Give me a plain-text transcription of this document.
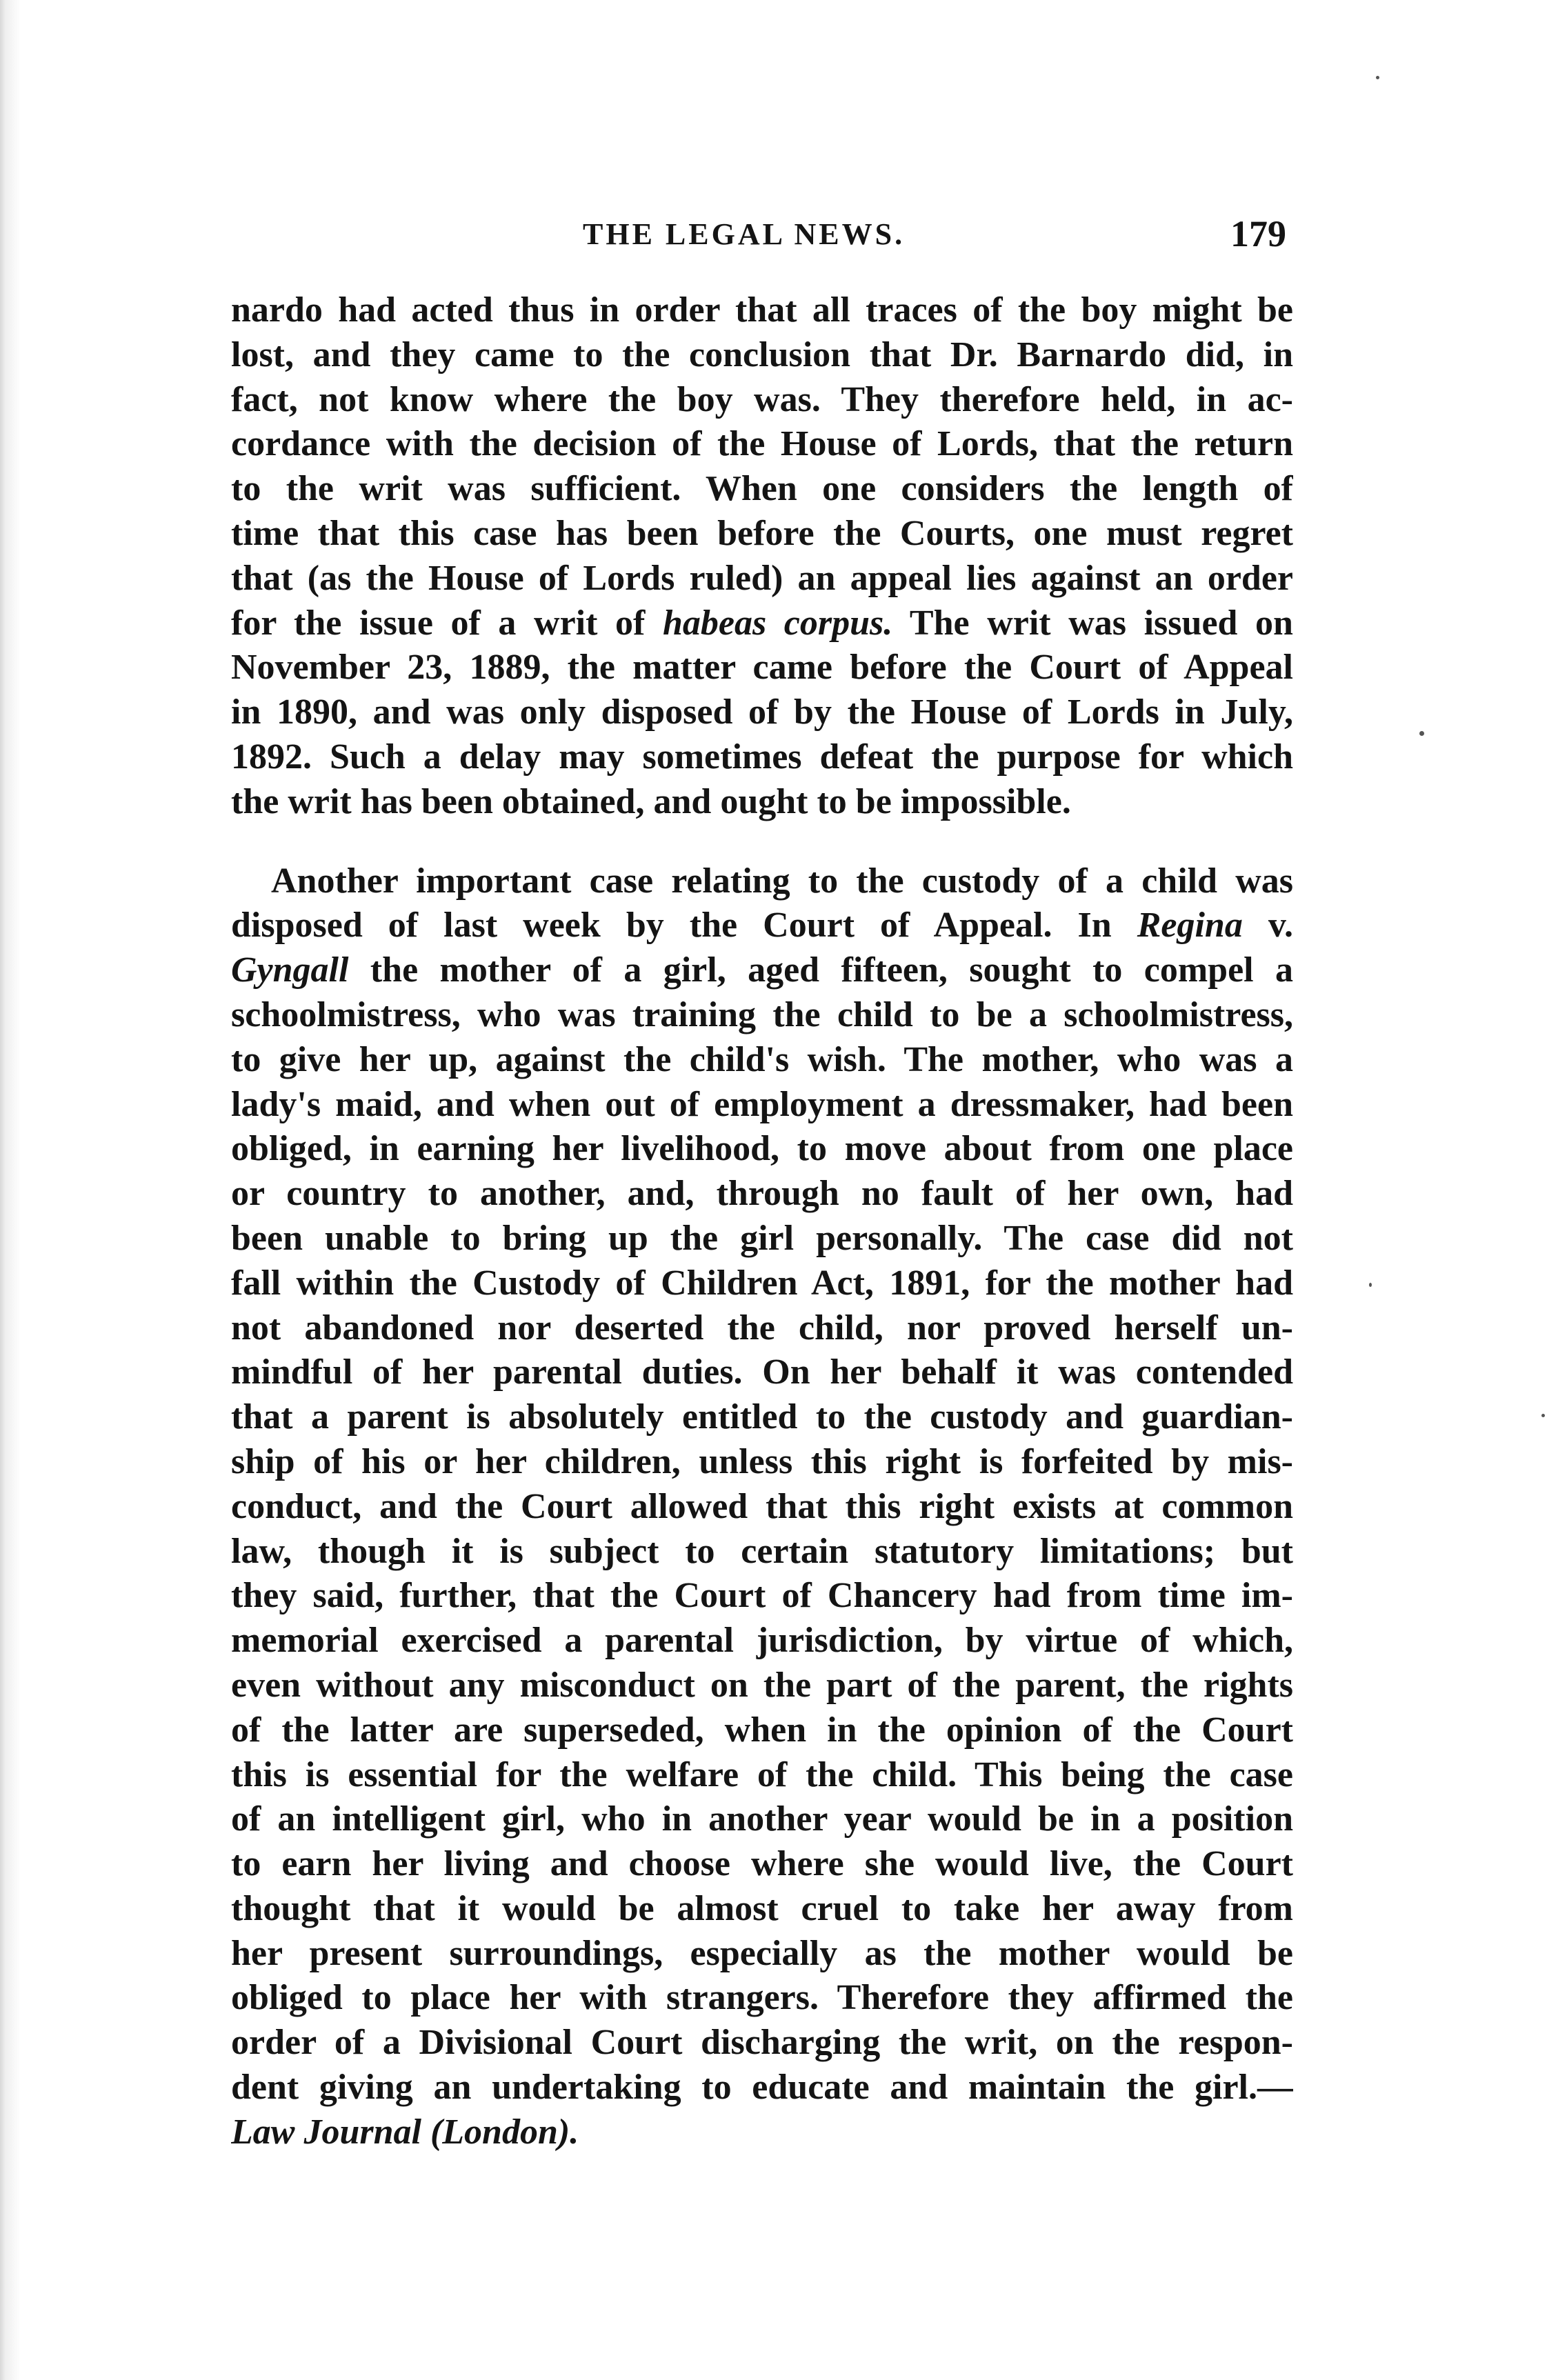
THE LEGAL NEWS.	179
nardo had acted thus in order that all traces of the boy might be
lost, and they came to the conclusion that Dr. Barnardo did, in
fact, not know where the boy was. They therefore held, in ac-
cordance with the decision of the House of Lords, that the return
to the writ was sufficient. When one considers the length of
time that this case has been before the Courts, one must regret
that (as the House of Lords ruled) an appeal lies against an order
for the issue of a writ of habeas corpus. The writ was issued on
November 23, 1889, the matter came before the Court of Appeal
in 1890, and was only disposed of by the House of Lords in July,
1892. Such a delay may sometimes defeat the purpose for which
the writ has been obtained, and ought to be impossible.
Another important case relating to the custody of a child was
disposed of last week by the Court of Appeal. In Regina v.
Gyngall the mother of a girl, aged fifteen, sought to compel a
schoolmistress, who was training the child to be a schoolmistress,
to give her up, against the child's wish. The mother, who was a
lady's maid, and when out of employment a dressmaker, had been
obliged, in earning her livelihood, to move about from one place
or country to another, and, through no fault of her own, had
been unable to bring up the girl personally. The case did not
fall within the Custody of Children Act, 1891, for the mother had
not abandoned nor deserted the child, nor proved herself un-
mindful of her parental duties. On her behalf it was contended
that a parent is absolutely entitled to the custody and guardian-
ship of his or her children, unless this right is forfeited by mis-
conduct, and the Court allowed that this right exists at common
law, though it is subject to certain statutory limitations; but
they said, further, that the Court of Chancery had from time im-
memorial exercised a parental jurisdiction, by virtue of which,
even without any misconduct on the part of the parent, the rights
of the latter are superseded, when in the opinion of the Court
this is essential for the welfare of the child. This being the case
of an intelligent girl, who in another year would be in a position
to earn her living and choose where she would live, the Court
thought that it would be almost cruel to take her away from
her present surroundings, especially as the mother would be
obliged to place her with strangers. Therefore they affirmed the
order of a Divisional Court discharging the writ, on the respon-
dent giving an undertaking to educate and maintain the girl.—
Law Journal (London).
